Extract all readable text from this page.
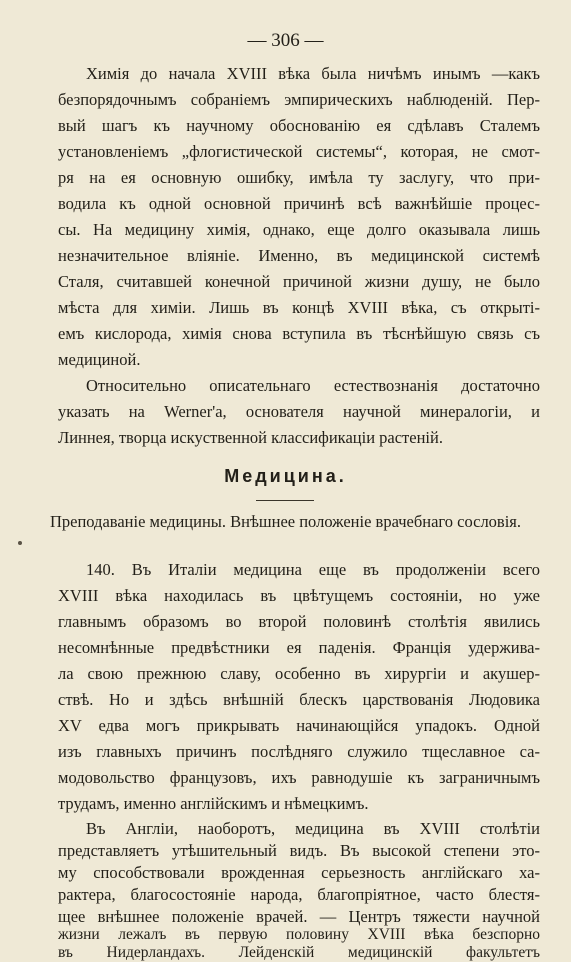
— 306 —
Химія до начала XVIII вѣка была ничѣмъ инымъ —какъ
безпорядочнымъ собраніемъ эмпирическихъ наблюденій. Пер-
вый шагъ къ научному обоснованію ея сдѣлавъ Сталемъ
установленіемъ „флогистической системы“, которая, не смот-
ря на ея основную ошибку, имѣла ту заслугу, что при-
водила къ одной основной причинѣ всѣ важнѣйшіе процес-
сы. На медицину химія, однако, еще долго оказывала лишь
незначительное вліяніе. Именно, въ медицинской системѣ
Сталя, считавшей конечной причиной жизни душу, не было
мѣста для химіи. Лишь въ концѣ XVIII вѣка, съ открыті-
емъ кислорода, химія снова вступила въ тѣснѣйшую связь съ
медициной.
Относительно описательнаго естествознанія достаточно
указать на Werner'а, основателя научной минералогіи, и
Линнея, творца искуственной классификаціи растеній.
Медицина.
Преподаваніе медицины. Внѣшнее положеніе врачебнаго сословія.
140. Въ Италіи медицина еще въ продолженіи всего
XVIII вѣка находилась въ цвѣтущемъ состояніи, но уже
главнымъ образомъ во второй половинѣ столѣтія явились
несомнѣнные предвѣстники ея паденія. Франція удержива-
ла свою прежнюю славу, особенно въ хирургіи и акушер-
ствѣ. Но и здѣсь внѣшній блескъ царствованія Людовика
XV едва могъ прикрывать начинающійся упадокъ. Одной
изъ главныхъ причинъ послѣдняго служило тщеславное са-
модовольство французовъ, ихъ равнодушіе къ заграничнымъ
трудамъ, именно англійскимъ и нѣмецкимъ.
Въ Англіи, наоборотъ, медицина въ XVIII столѣтіи
представляетъ утѣшительный видъ. Въ высокой степени это-
му способствовали врожденная серьезность англійскаго ха-
рактера, благосостояніе народа, благопріятное, часто блестя-
щее внѣшнее положеніе врачей. — Центръ тяжести научной
жизни лежалъ въ первую половину XVIII вѣка безспорно
въ Нидерландахъ. Лейденскій медицинскій факультетъ
